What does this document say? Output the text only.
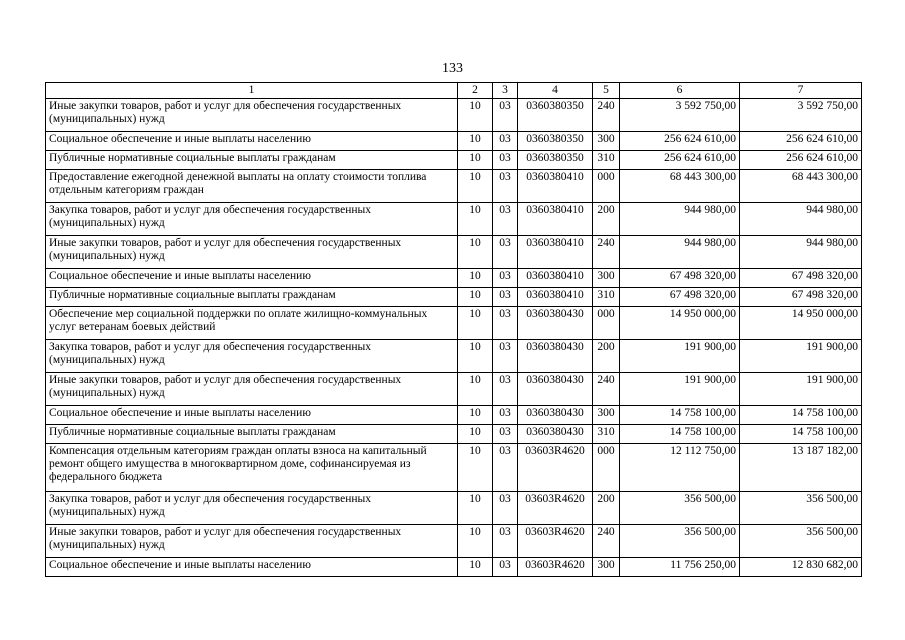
133
1	2	3	4	5	6	7
Иные закупки товаров, работ и услуг для обеспечения государственных (муниципальных) нужд	10	03	0360380350	240	3 592 750,00	3 592 750,00
Социальное обеспечение и иные выплаты населению	10	03	0360380350	300	256 624 610,00	256 624 610,00
Публичные нормативные социальные выплаты гражданам	10	03	0360380350	310	256 624 610,00	256 624 610,00
Предоставление ежегодной денежной выплаты на оплату стоимости топлива отдельным категориям граждан	10	03	0360380410	000	68 443 300,00	68 443 300,00
Закупка товаров, работ и услуг для обеспечения государственных (муниципальных) нужд	10	03	0360380410	200	944 980,00	944 980,00
Иные закупки товаров, работ и услуг для обеспечения государственных (муниципальных) нужд	10	03	0360380410	240	944 980,00	944 980,00
Социальное обеспечение и иные выплаты населению	10	03	0360380410	300	67 498 320,00	67 498 320,00
Публичные нормативные социальные выплаты гражданам	10	03	0360380410	310	67 498 320,00	67 498 320,00
Обеспечение мер социальной поддержки по оплате жилищно-коммунальных услуг ветеранам боевых действий	10	03	0360380430	000	14 950 000,00	14 950 000,00
Закупка товаров, работ и услуг для обеспечения государственных (муниципальных) нужд	10	03	0360380430	200	191 900,00	191 900,00
Иные закупки товаров, работ и услуг для обеспечения государственных (муниципальных) нужд	10	03	0360380430	240	191 900,00	191 900,00
Социальное обеспечение и иные выплаты населению	10	03	0360380430	300	14 758 100,00	14 758 100,00
Публичные нормативные социальные выплаты гражданам	10	03	0360380430	310	14 758 100,00	14 758 100,00
Компенсация отдельным категориям граждан оплаты взноса на капитальный ремонт общего имущества в многоквартирном доме, софинансируемая из федерального бюджета	10	03	03603R4620	000	12 112 750,00	13 187 182,00
Закупка товаров, работ и услуг для обеспечения государственных (муниципальных) нужд	10	03	03603R4620	200	356 500,00	356 500,00
Иные закупки товаров, работ и услуг для обеспечения государственных (муниципальных) нужд	10	03	03603R4620	240	356 500,00	356 500,00
Социальное обеспечение и иные выплаты населению	10	03	03603R4620	300	11 756 250,00	12 830 682,00
